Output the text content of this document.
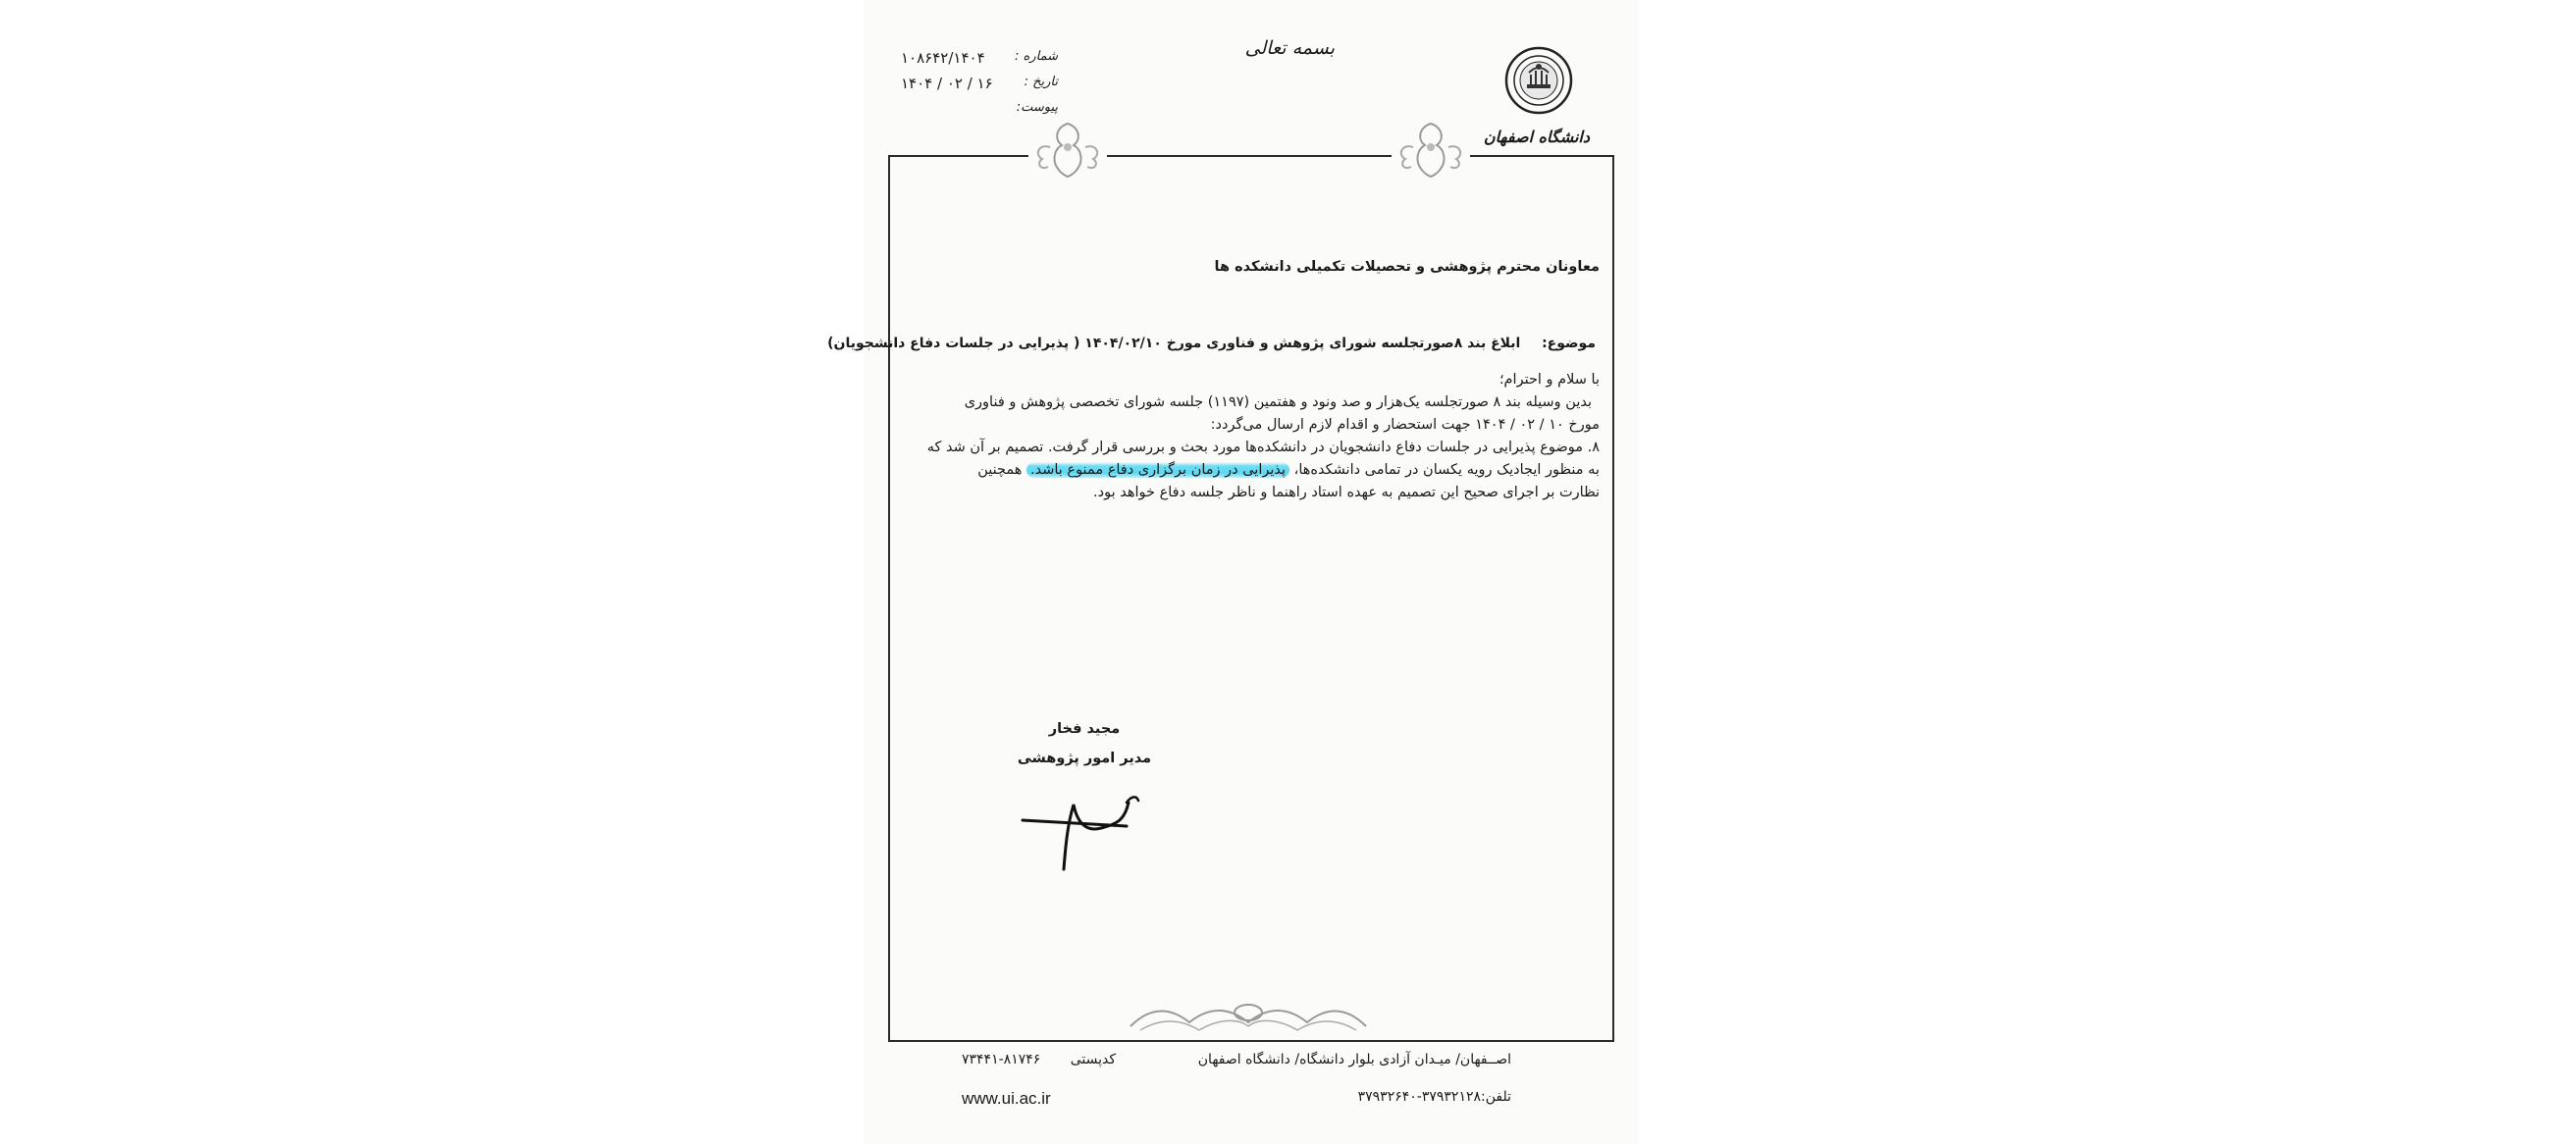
بسمه تعالی
۱۰۸۶۴۲/۱۴۰۴ شماره :
۱۴۰۴ / ۰۲ / ۱۶ تاریخ :
پیوست:
دانشگاه اصفهان
معاونان محترم پژوهشی و تحصیلات تکمیلی دانشکده ها
موضوع:  ابلاغ بند ۸صورتجلسه شورای پژوهش و فناوری مورخ ۱۴۰۴/۰۲/۱۰ ( پذیرایی در جلسات دفاع دانشجویان)
با سلام و احترام؛
بدین وسیله بند ۸ صورتجلسه یک‌هزار و صد ونود و هفتمین (۱۱۹۷) جلسه شورای تخصصی پژوهش و فناوری
مورخ ۱۰ / ۰۲ / ۱۴۰۴ جهت استحضار و اقدام لازم ارسال می‌گردد:
۸. موضوع پذیرایی در جلسات دفاع دانشجویان در دانشکده‌ها مورد بحث و بررسی قرار گرفت. تصمیم بر آن شد که
به منظور ایجادیک رویه یکسان در تمامی دانشکده‌ها، پذیرایی در زمان برگزاری دفاع ممنوع باشد. همچنین
نظارت بر اجرای صحیح این تصمیم به عهده استاد راهنما و ناظر جلسه دفاع خواهد بود.
مجید فخار
مدیر امور پژوهشی
کدپستی ۸۱۷۴۶-۷۳۴۴۱	اصــفهان/ میـدان آزادی بلوار دانشگاه/ دانشگاه اصفهان
www.ui.ac.ir	تلفن:۳۷۹۳۲۱۲۸-۳۷۹۳۲۶۴۰
